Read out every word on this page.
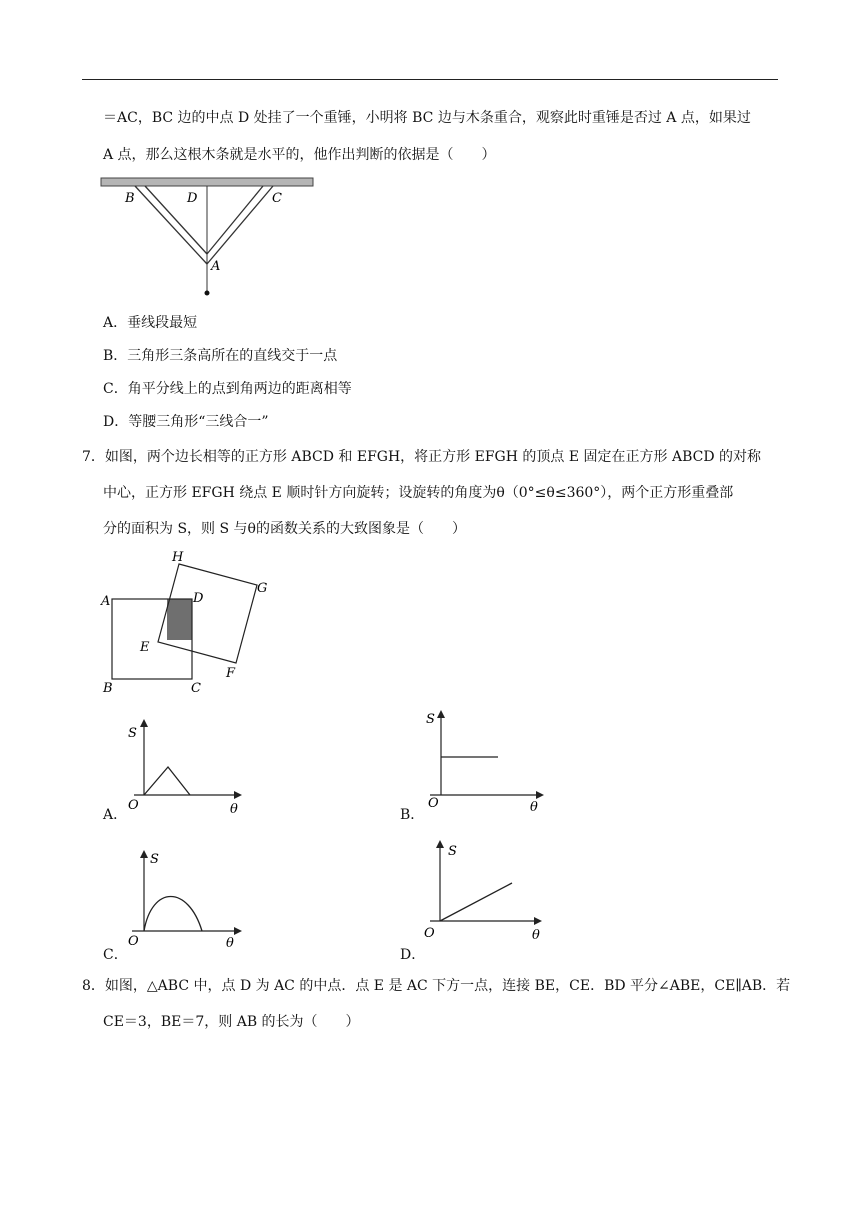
＝AC，BC 边的中点 D 处挂了一个重锤，小明将 BC 边与木条重合，观察此时重锤是否过 A 点，如果过
A 点，那么这根木条就是水平的，他作出判断的依据是（　　）
B	D	C
A
A．垂线段最短
B．三角形三条高所在的直线交于一点
C．角平分线上的点到角两边的距离相等
D．等腰三角形“三线合一”
7．如图，两个边长相等的正方形 ABCD 和 EFGH，将正方形 EFGH 的顶点 E 固定在正方形 ABCD 的对称
中心，正方形 EFGH 绕点 E 顺时针方向旋转；设旋转的角度为θ（0°≤θ≤360°），两个正方形重叠部
分的面积为 S，则 S 与θ的函数关系的大致图象是（　　）
A	D
B	C
E
F
G
H
A．
S
O	θ	B．
S
O	θ
C．
S
O	θ
D．
S
O	θ
8．如图，△ABC 中，点 D 为 AC 的中点．点 E 是 AC 下方一点，连接 BE，CE．BD 平分∠ABE，CE∥AB．若
CE＝3，BE＝7，则 AB 的长为（　　）
